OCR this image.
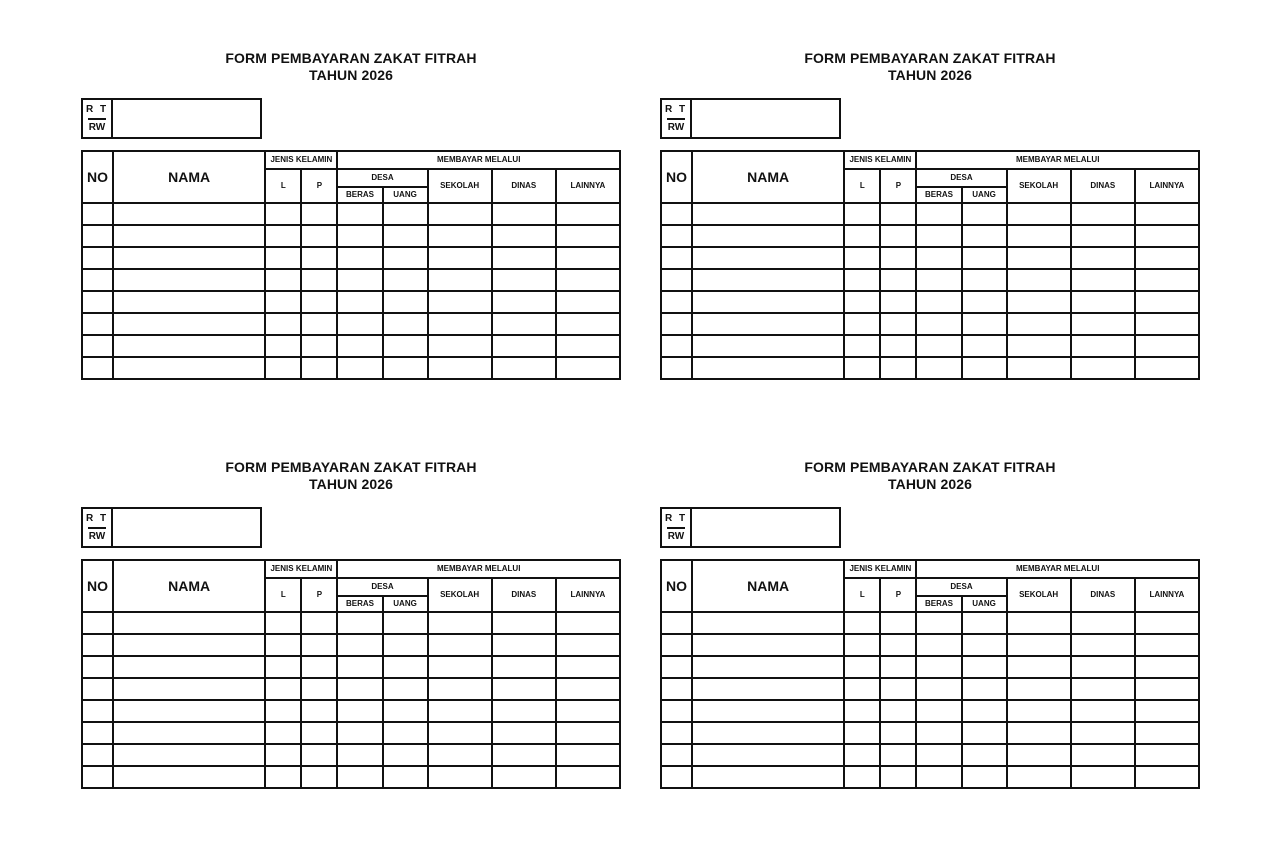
FORM PEMBAYARAN ZAKAT FITRAH
TAHUN 2026
R T
RW
NO	NAMA	JENIS KELAMIN		MEMBAYAR MELALUI				
		L	P	DESA		SEKOLAH	DINAS	LAINNYA
				BERAS	UANG			

FORM PEMBAYARAN ZAKAT FITRAH
TAHUN 2026
R T
RW
NO	NAMA	JENIS KELAMIN		MEMBAYAR MELALUI				
		L	P	DESA		SEKOLAH	DINAS	LAINNYA
				BERAS	UANG			

FORM PEMBAYARAN ZAKAT FITRAH
TAHUN 2026
R T
RW
NO	NAMA	JENIS KELAMIN		MEMBAYAR MELALUI				
		L	P	DESA		SEKOLAH	DINAS	LAINNYA
				BERAS	UANG			

FORM PEMBAYARAN ZAKAT FITRAH
TAHUN 2026
R T
RW
NO	NAMA	JENIS KELAMIN		MEMBAYAR MELALUI				
		L	P	DESA		SEKOLAH	DINAS	LAINNYA
				BERAS	UANG			
